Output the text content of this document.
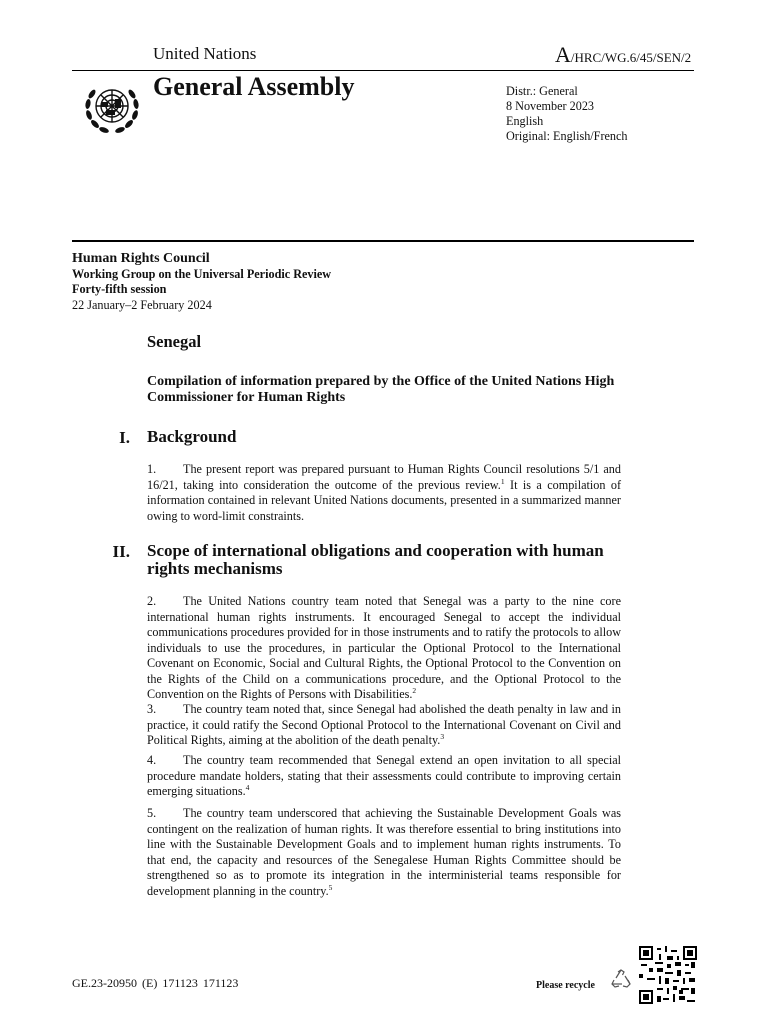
United Nations	A/HRC/WG.6/45/SEN/2
General Assembly	Distr.: General
8 November 2023
English
Original: English/French
Human Rights Council
Working Group on the Universal Periodic Review
Forty-fifth session
22 January–2 February 2024
Senegal
Compilation of information prepared by the Office of the United Nations High Commissioner for Human Rights
I. Background
1. The present report was prepared pursuant to Human Rights Council resolutions 5/1 and 16/21, taking into consideration the outcome of the previous review.$^1$ It is a compilation of information contained in relevant United Nations documents, presented in a summarized manner owing to word-limit constraints.
II. Scope of international obligations and cooperation with human rights mechanisms
2. The United Nations country team noted that Senegal was a party to the nine core international human rights instruments. It encouraged Senegal to accept the individual communications procedures provided for in those instruments and to ratify the protocols to allow individuals to use the procedures, in particular the Optional Protocol to the International Covenant on Economic, Social and Cultural Rights, the Optional Protocol to the Convention on the Rights of the Child on a communications procedure, and the Optional Protocol to the Convention on the Rights of Persons with Disabilities.$^2$
3. The country team noted that, since Senegal had abolished the death penalty in law and in practice, it could ratify the Second Optional Protocol to the International Covenant on Civil and Political Rights, aiming at the abolition of the death penalty.$^3$
4. The country team recommended that Senegal extend an open invitation to all special procedure mandate holders, stating that their assessments could contribute to improving certain emerging situations.$^4$
5. The country team underscored that achieving the Sustainable Development Goals was contingent on the realization of human rights. It was therefore essential to bring institutions into line with the Sustainable Development Goals and to implement human rights instruments. To that end, the capacity and resources of the Senegalese Human Rights Committee should be strengthened so as to promote its integration in the interministerial teams responsible for development planning in the country.$^5$
GE.23-20950 (E) 171123 171123	Please recycle
